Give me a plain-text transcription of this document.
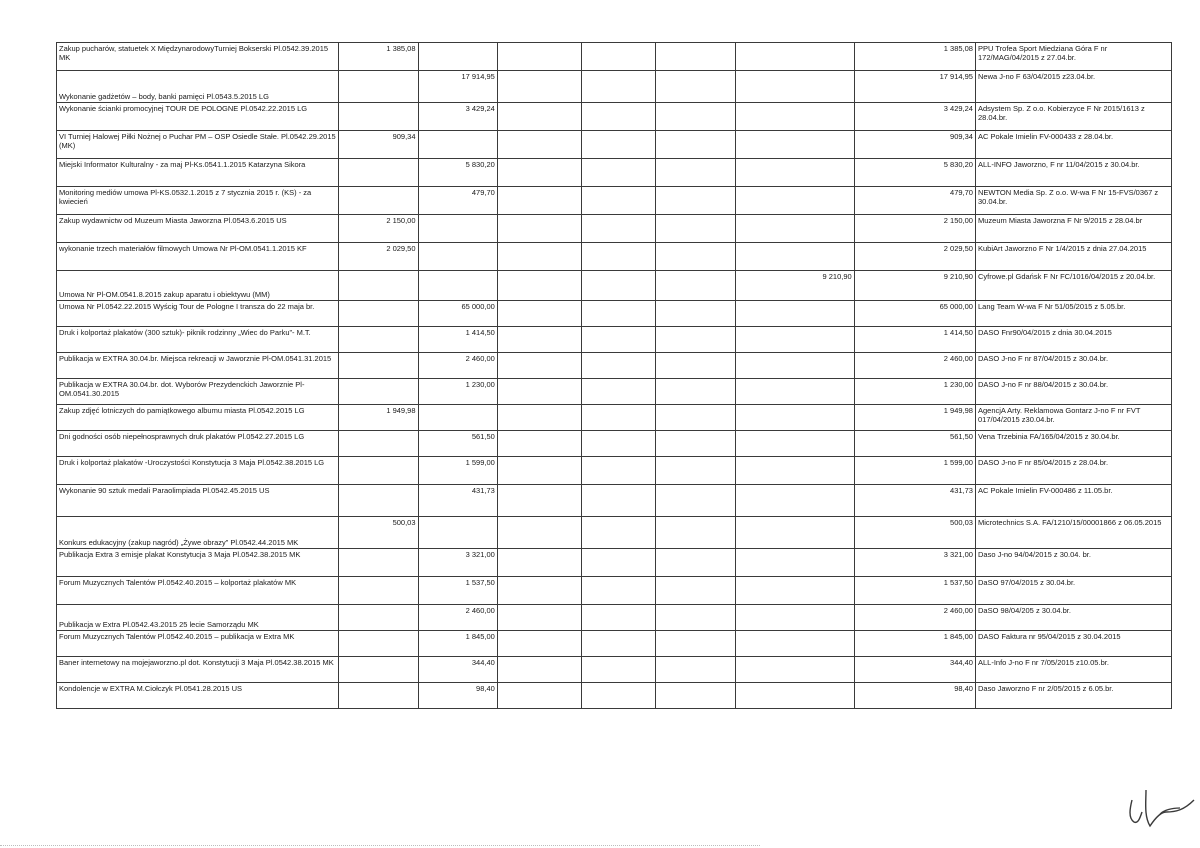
Zakup pucharów, statuetek X MiędzynarodowyTurniej Bokserski Pl.0542.39.2015 MK	1 385,08						1 385,08	PPU Trofea Sport Miedziana Góra F nr 172/MAG/04/2015 z 27.04.br.
Wykonanie gadżetów – body, banki pamięci Pl.0543.5.2015 LG		17 914,95					17 914,95	Newa J-no F 63/04/2015 z23.04.br.
Wykonanie ścianki promocyjnej TOUR DE POLOGNE Pl.0542.22.2015 LG		3 429,24					3 429,24	Adsystem Sp. Z o.o. Kobierzyce F Nr 2015/1613 z 28.04.br.
VI Turniej Halowej Piłki Nożnej o Puchar PM – OSP Osiedle Stałe. Pl.0542.29.2015 (MK)	909,34						909,34	AC Pokale Imielin FV-000433 z 28.04.br.
Miejski Informator Kulturalny - za maj Pl-Ks.0541.1.2015 Katarzyna Sikora		5 830,20					5 830,20	ALL-INFO Jaworzno, F nr 11/04/2015 z 30.04.br.
Monitoring mediów umowa Pl-KS.0532.1.2015 z 7 stycznia 2015 r. (KS) - za kwiecień		479,70					479,70	NEWTON Media Sp. Z o.o. W-wa F Nr 15-FVS/0367 z 30.04.br.
Zakup wydawnictw od Muzeum Miasta Jaworzna Pl.0543.6.2015 US	2 150,00						2 150,00	Muzeum Miasta Jaworzna F Nr 9/2015 z 28.04.br
wykonanie trzech materiałów filmowych Umowa Nr Pl-OM.0541.1.2015 KF	2 029,50						2 029,50	KubiArt Jaworzno F Nr 1/4/2015 z dnia 27.04.2015
Umowa Nr Pl-OM.0541.8.2015 zakup aparatu i obiektywu (MM)						9 210,90	9 210,90	Cyfrowe.pl Gdańsk F Nr FC/1016/04/2015 z 20.04.br.
Umowa Nr Pl.0542.22.2015 Wyścig Tour de Pologne I transza do 22 maja br.		65 000,00					65 000,00	Lang Team W-wa F Nr 51/05/2015 z 5.05.br.
Druk i kolportaż plakatów (300 sztuk)- piknik rodzinny „Wiec do Parku”- M.T.		1 414,50					1 414,50	DASO Fnr90/04/2015 z dnia 30.04.2015
Publikacja w EXTRA 30.04.br. Miejsca rekreacji w Jaworznie Pl-OM.0541.31.2015		2 460,00					2 460,00	DASO J-no F nr 87/04/2015 z 30.04.br.
Publikacja w EXTRA 30.04.br. dot. Wyborów Prezydenckich Jaworznie Pl-OM.0541.30.2015		1 230,00					1 230,00	DASO J-no F nr 88/04/2015 z 30.04.br.
Zakup zdjęć lotniczych do pamiątkowego albumu miasta Pl.0542.2015 LG	1 949,98						1 949,98	AgencjA Arty. Reklamowa Gontarz J-no F nr FVT 017/04/2015 z30.04.br.
Dni godności osób niepełnosprawnych druk plakatów Pl.0542.27.2015 LG		561,50					561,50	Vena Trzebinia FA/165/04/2015 z 30.04.br.
Druk i kolportaż plakatów -Uroczystości Konstytucja 3 Maja Pl.0542.38.2015 LG		1 599,00					1 599,00	DASO J-no F nr 85/04/2015 z 28.04.br.
Wykonanie 90 sztuk medali Paraolimpiada Pl.0542.45.2015 US		431,73					431,73	AC Pokale Imielin FV-000486 z 11.05.br.
Konkurs edukacyjny (zakup nagród) „Żywe obrazy” Pl.0542.44.2015 MK	500,03						500,03	Microtechnics S.A. FA/1210/15/00001866 z 06.05.2015
Publikacja Extra 3 emisje plakat Konstytucja 3 Maja Pl.0542.38.2015 MK		3 321,00					3 321,00	Daso J-no 94/04/2015 z 30.04. br.
Forum Muzycznych Talentów Pl.0542.40.2015 – kolportaż plakatów MK		1 537,50					1 537,50	DaSO 97/04/2015 z 30.04.br.
Publikacja w Extra Pl.0542.43.2015 25 lecie Samorządu MK		2 460,00					2 460,00	DaSO 98/04/205 z 30.04.br.
Forum Muzycznych Talentów Pl.0542.40.2015 – publikacja w Extra MK		1 845,00					1 845,00	DASO Faktura nr 95/04/2015 z 30.04.2015
Baner internetowy na mojejaworzno.pl dot. Konstytucji 3 Maja Pl.0542.38.2015 MK		344,40					344,40	ALL-Info J-no F nr 7/05/2015 z10.05.br.
Kondolencje w EXTRA M.Ciołczyk Pl.0541.28.2015 US		98,40					98,40	Daso Jaworzno F nr 2/05/2015 z 6.05.br.
